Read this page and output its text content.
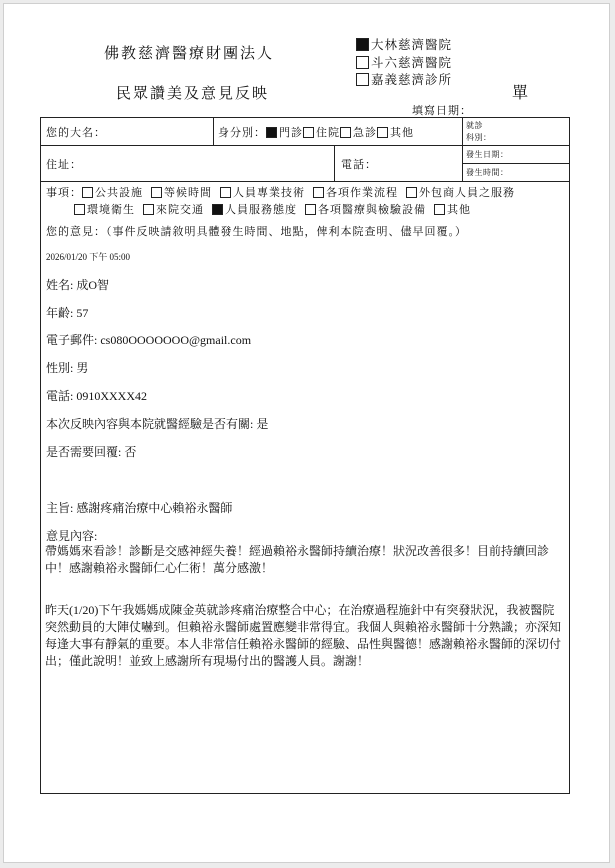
佛教慈濟醫療財團法人
民眾讚美及意見反映
大林慈濟醫院
斗六慈濟醫院
嘉義慈濟診所
單
填寫日期：
您的大名：	身分別： 門診 住院 急診 其他
就診
科別：
住址：	電話：
發生日期：
發生時間：
事項： 公共設施 等候時間 人員專業技術 各項作業流程 外包商人員之服務
環境衛生 來院交通 人員服務態度 各項醫療與檢驗設備 其他
您的意見：（事件反映請敘明具體發生時間、地點，俾利本院查明、儘早回覆。）
2026/01/20 下午 05:00
姓名: 成O智
年齡: 57
電子郵件: cs080OOOOOOO@gmail.com
性別: 男
電話: 0910XXXX42
本次反映內容與本院就醫經驗是否有關: 是
是否需要回覆: 否
主旨: 感謝疼痛治療中心賴裕永醫師
意見內容:
帶媽媽來看診！診斷是交感神經失養！經過賴裕永醫師持續治療！狀況改善很多！目前持續回診中！感謝賴裕永醫師仁心仁術！萬分感激！
昨天(1/20)下午我媽媽成陳金英就診疼痛治療整合中心；在治療過程施針中有突發狀況，我被醫院突然動員的大陣仗嚇到。但賴裕永醫師處置應變非常得宜。我個人與賴裕永醫師十分熟識；亦深知每逢大事有靜氣的重要。本人非常信任賴裕永醫師的經驗、品性與醫德！感謝賴裕永醫師的深切付出；僅此說明！並致上感謝所有現場付出的醫護人員。謝謝！
